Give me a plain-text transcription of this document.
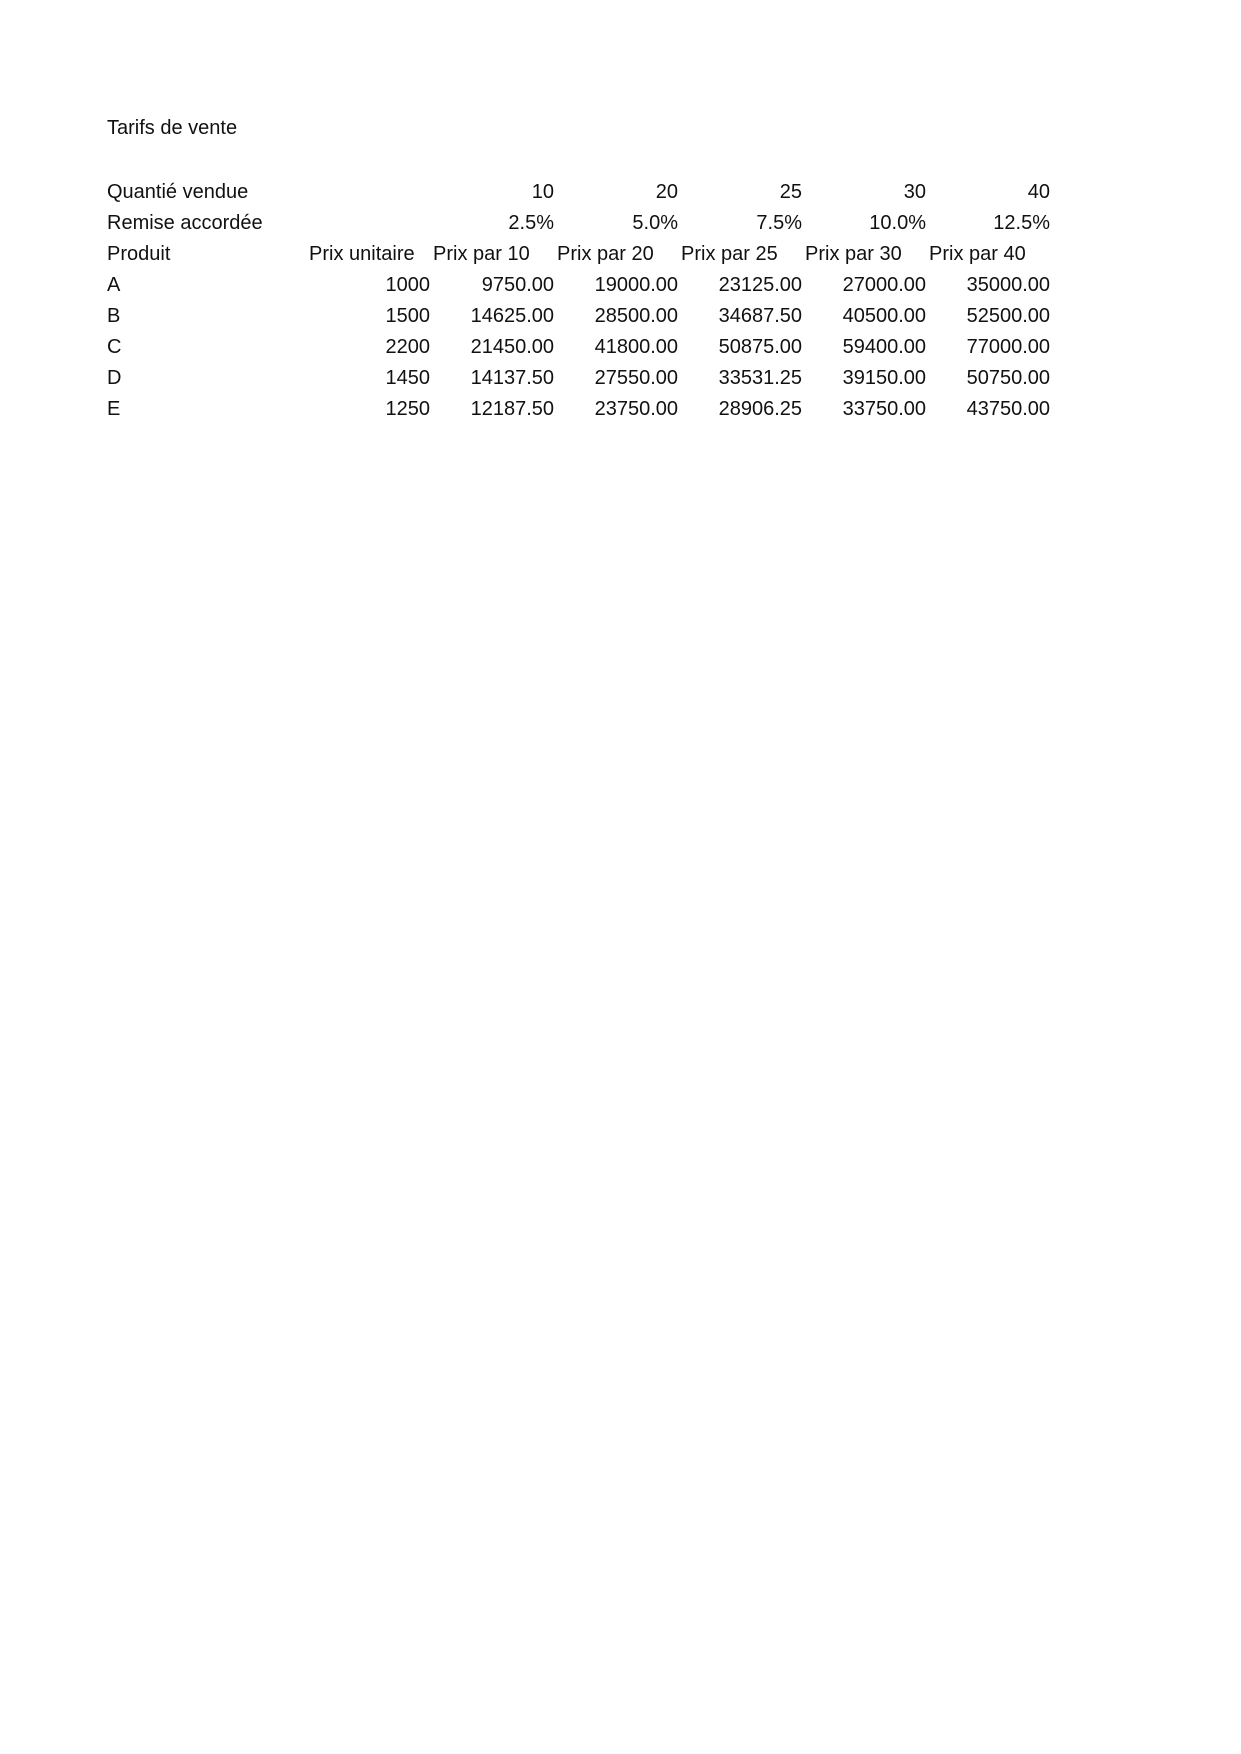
Tarifs de vente
Quantié vendue		10	20	25	30	40
Remise accordée		2.5%	5.0%	7.5%	10.0%	12.5%
Produit	Prix unitaire	Prix par 10	Prix par 20	Prix par 25	Prix par 30	Prix par 40
A	1000	9750.00	19000.00	23125.00	27000.00	35000.00
B	1500	14625.00	28500.00	34687.50	40500.00	52500.00
C	2200	21450.00	41800.00	50875.00	59400.00	77000.00
D	1450	14137.50	27550.00	33531.25	39150.00	50750.00
E	1250	12187.50	23750.00	28906.25	33750.00	43750.00
